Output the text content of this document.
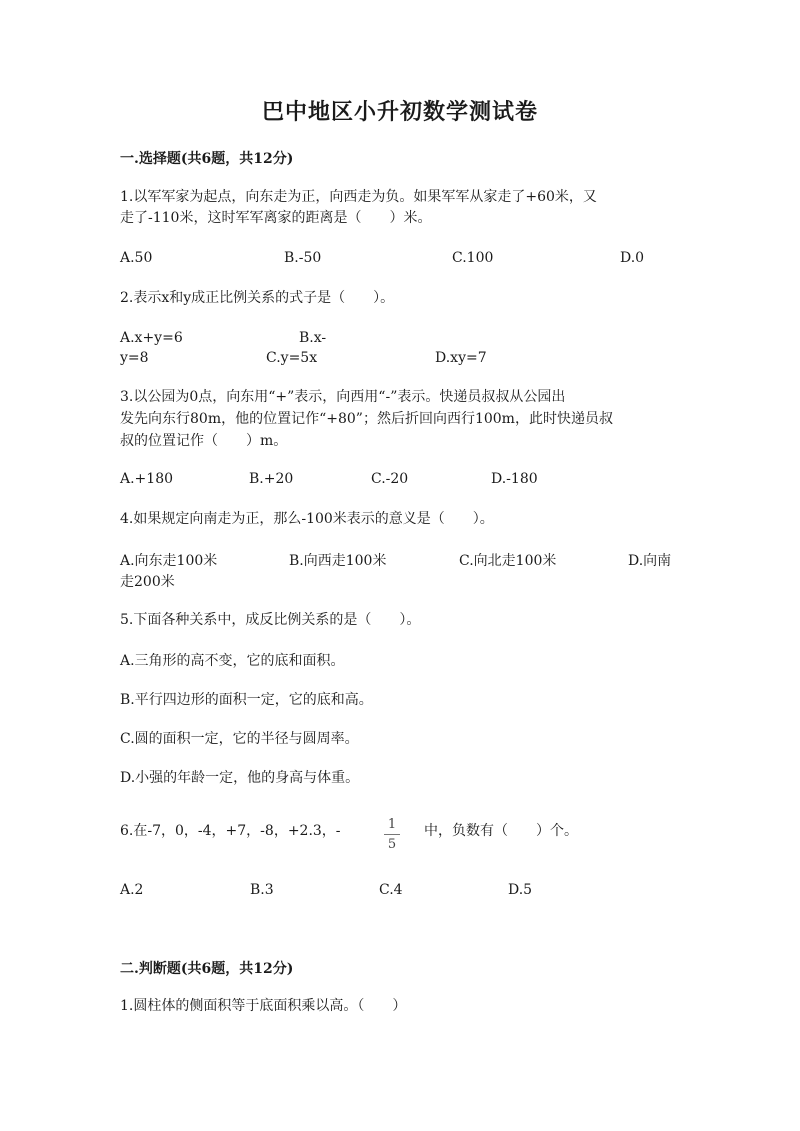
巴中地区小升初数学测试卷
一.选择题(共6题，共12分)
1.以军军家为起点，向东走为正，向西走为负。如果军军从家走了+60米，又
走了-110米，这时军军离家的距离是（　　）米。
A.50	B.-50	C.100	D.0
2.表示x和y成正比例关系的式子是（　　）。
A.x+y=6	B.x-
y=8	C.y=5x	D.xy=7
3.以公园为0点，向东用“+”表示，向西用“-”表示。快递员叔叔从公园出
发先向东行80m，他的位置记作“+80”；然后折回向西行100m，此时快递员叔
叔的位置记作（　　）m。
A.+180	B.+20	C.-20	D.-180
4.如果规定向南走为正，那么-100米表示的意义是（　　）。
A.向东走100米	B.向西走100米	C.向北走100米	D.向南
走200米
5.下面各种关系中，成反比例关系的是（　　）。
A.三角形的高不变，它的底和面积。
B.平行四边形的面积一定，它的底和高。
C.圆的面积一定，它的半径与圆周率。
D.小强的年龄一定，他的身高与体重。
6.在-7，0，-4，+7，-8，+2.3，-	1
5
中，负数有（　　）个。
A.2	B.3	C.4	D.5
二.判断题(共6题，共12分)
1.圆柱体的侧面积等于底面积乘以高。（　　）
